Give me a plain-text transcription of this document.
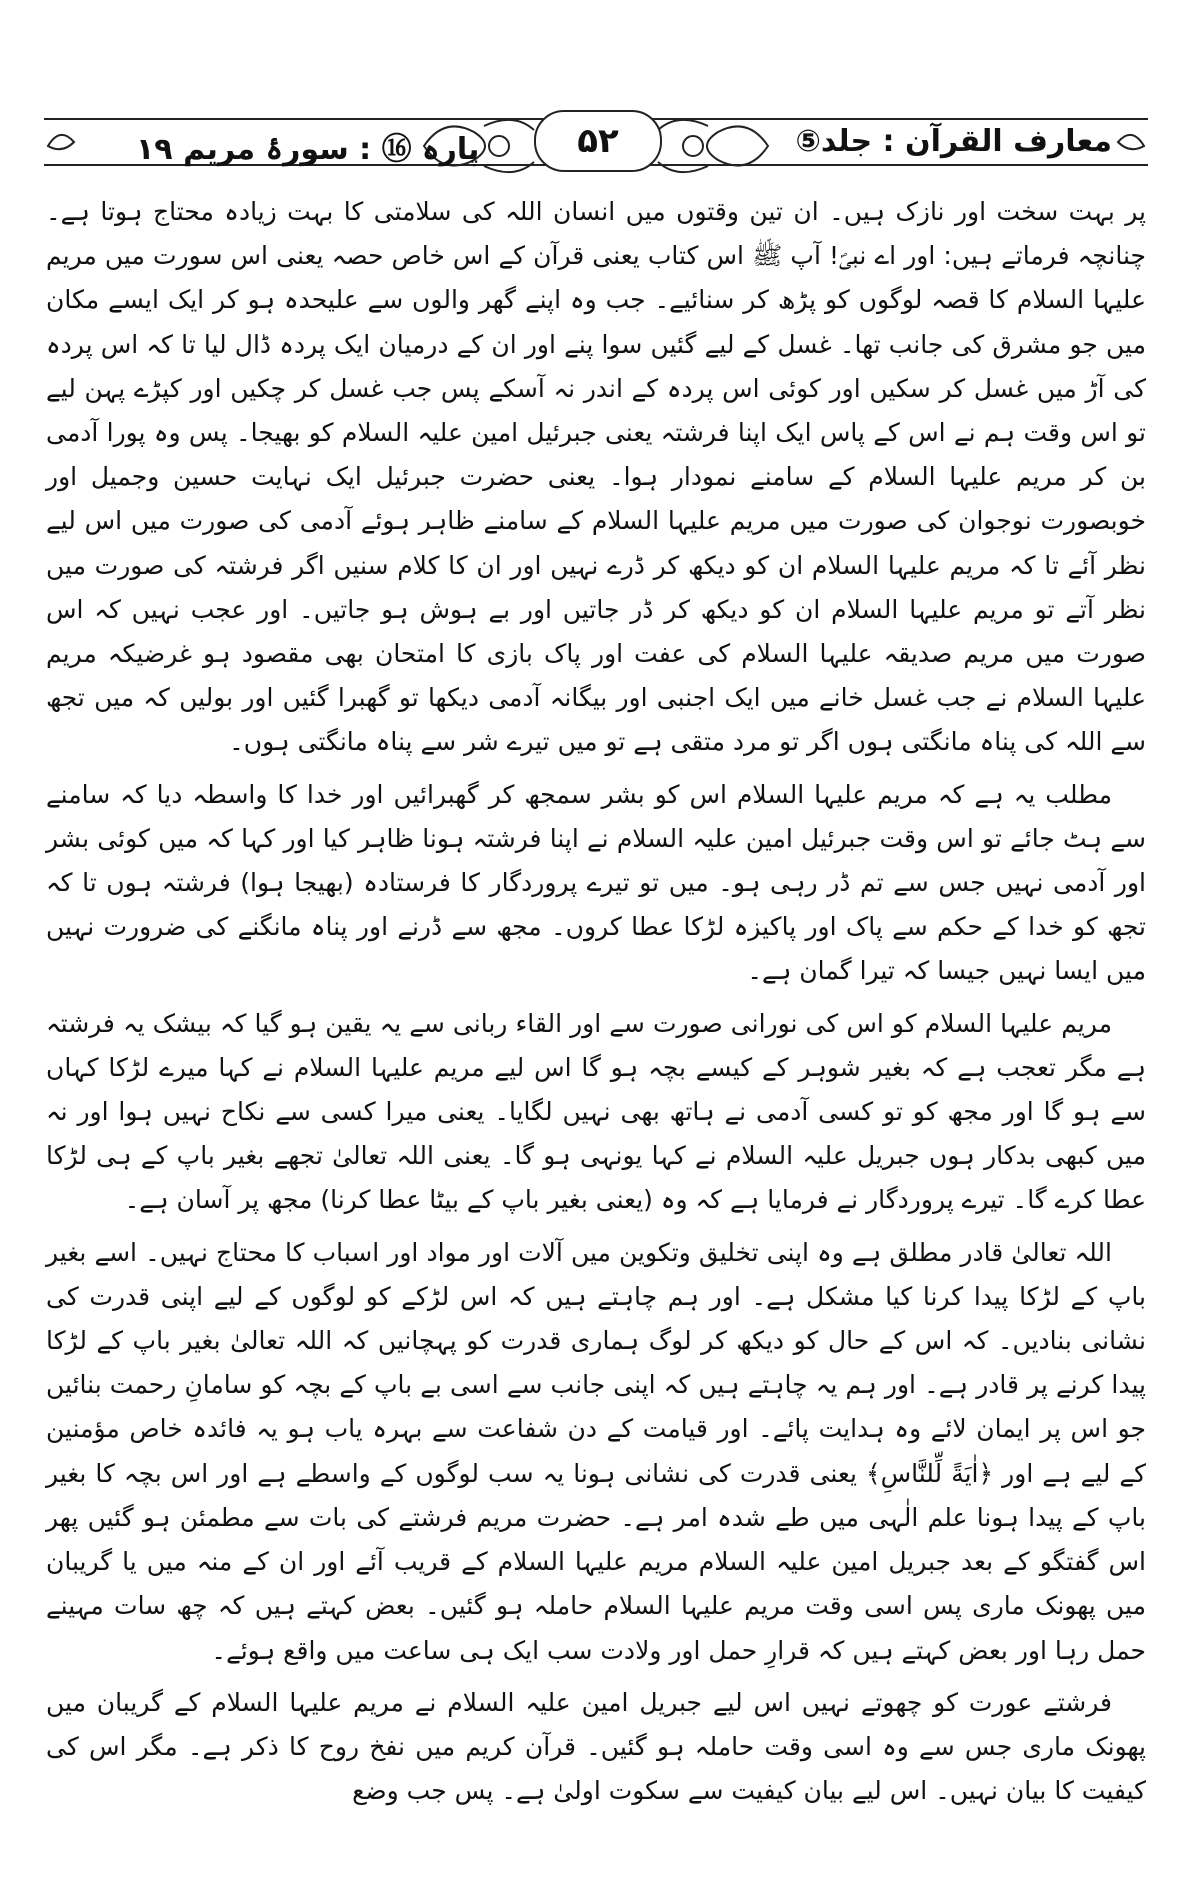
معارف القرآن : جلد⑤
پارہ ⑯ : سورۂ مریم ۱۹	۵۲

پر بہت سخت اور نازک ہیں۔ ان تین وقتوں میں انسان اللہ کی سلامتی کا بہت زیادہ محتاج ہوتا ہے۔ چنانچہ فرماتے ہیں: اور اے نبیؐ! آپ ﷺ اس کتاب یعنی قرآن کے اس خاص حصہ یعنی اس سورت میں مریم علیہا السلام کا قصہ لوگوں کو پڑھ کر سنائیے۔ جب وہ اپنے گھر والوں سے علیحدہ ہو کر ایک ایسے مکان میں جو مشرق کی جانب تھا۔ غسل کے لیے گئیں سوا پنے اور ان کے درمیان ایک پردہ ڈال لیا تا کہ اس پردہ کی آڑ میں غسل کر سکیں اور کوئی اس پردہ کے اندر نہ آسکے پس جب غسل کر چکیں اور کپڑے پہن لیے تو اس وقت ہم نے اس کے پاس ایک اپنا فرشتہ یعنی جبرئیل امین علیہ السلام کو بھیجا۔ پس وہ پورا آدمی بن کر مریم علیہا السلام کے سامنے نمودار ہوا۔ یعنی حضرت جبرئیل ایک نہایت حسین وجمیل اور خوبصورت نوجوان کی صورت میں مریم علیہا السلام کے سامنے ظاہر ہوئے آدمی کی صورت میں اس لیے نظر آئے تا کہ مریم علیہا السلام ان کو دیکھ کر ڈرے نہیں اور ان کا کلام سنیں اگر فرشتہ کی صورت میں نظر آتے تو مریم علیہا السلام ان کو دیکھ کر ڈر جاتیں اور بے ہوش ہو جاتیں۔ اور عجب نہیں کہ اس صورت میں مریم صدیقہ علیہا السلام کی عفت اور پاک بازی کا امتحان بھی مقصود ہو غرضیکہ مریم علیہا السلام نے جب غسل خانے میں ایک اجنبی اور بیگانہ آدمی دیکھا تو گھبرا گئیں اور بولیں کہ میں تجھ سے اللہ کی پناہ مانگتی ہوں اگر تو مرد متقی ہے تو میں تیرے شر سے پناہ مانگتی ہوں۔

مطلب یہ ہے کہ مریم علیہا السلام اس کو بشر سمجھ کر گھبرائیں اور خدا کا واسطہ دیا کہ سامنے سے ہٹ جائے تو اس وقت جبرئیل امین علیہ السلام نے اپنا فرشتہ ہونا ظاہر کیا اور کہا کہ میں کوئی بشر اور آدمی نہیں جس سے تم ڈر رہی ہو۔ میں تو تیرے پروردگار کا فرستادہ (بھیجا ہوا) فرشتہ ہوں تا کہ تجھ کو خدا کے حکم سے پاک اور پاکیزہ لڑکا عطا کروں۔ مجھ سے ڈرنے اور پناہ مانگنے کی ضرورت نہیں میں ایسا نہیں جیسا کہ تیرا گمان ہے۔

مریم علیہا السلام کو اس کی نورانی صورت سے اور القاء ربانی سے یہ یقین ہو گیا کہ بیشک یہ فرشتہ ہے مگر تعجب ہے کہ بغیر شوہر کے کیسے بچہ ہو گا اس لیے مریم علیہا السلام نے کہا میرے لڑکا کہاں سے ہو گا اور مجھ کو تو کسی آدمی نے ہاتھ بھی نہیں لگایا۔ یعنی میرا کسی سے نکاح نہیں ہوا اور نہ میں کبھی بدکار ہوں جبریل علیہ السلام نے کہا یونہی ہو گا۔ یعنی اللہ تعالیٰ تجھے بغیر باپ کے ہی لڑکا عطا کرے گا۔ تیرے پروردگار نے فرمایا ہے کہ وہ (یعنی بغیر باپ کے بیٹا عطا کرنا) مجھ پر آسان ہے۔

اللہ تعالیٰ قادر مطلق ہے وہ اپنی تخلیق وتکوین میں آلات اور مواد اور اسباب کا محتاج نہیں۔ اسے بغیر باپ کے لڑکا پیدا کرنا کیا مشکل ہے۔ اور ہم چاہتے ہیں کہ اس لڑکے کو لوگوں کے لیے اپنی قدرت کی نشانی بنادیں۔ کہ اس کے حال کو دیکھ کر لوگ ہماری قدرت کو پہچانیں کہ اللہ تعالیٰ بغیر باپ کے لڑکا پیدا کرنے پر قادر ہے۔ اور ہم یہ چاہتے ہیں کہ اپنی جانب سے اسی بے باپ کے بچہ کو سامانِ رحمت بنائیں جو اس پر ایمان لائے وہ ہدایت پائے۔ اور قیامت کے دن شفاعت سے بہرہ یاب ہو یہ فائدہ خاص مؤمنین کے لیے ہے اور ﴿اٰیَةً لِّلنَّاسِ﴾ یعنی قدرت کی نشانی ہونا یہ سب لوگوں کے واسطے ہے اور اس بچہ کا بغیر باپ کے پیدا ہونا علم الٰہی میں طے شدہ امر ہے۔ حضرت مریم فرشتے کی بات سے مطمئن ہو گئیں پھر اس گفتگو کے بعد جبریل امین علیہ السلام مریم علیہا السلام کے قریب آئے اور ان کے منہ میں یا گریبان میں پھونک ماری پس اسی وقت مریم علیہا السلام حاملہ ہو گئیں۔ بعض کہتے ہیں کہ چھ سات مہینے حمل رہا اور بعض کہتے ہیں کہ قرارِ حمل اور ولادت سب ایک ہی ساعت میں واقع ہوئے۔

فرشتے عورت کو چھوتے نہیں اس لیے جبریل امین علیہ السلام نے مریم علیہا السلام کے گریبان میں پھونک ماری جس سے وہ اسی وقت حاملہ ہو گئیں۔ قرآن کریم میں نفخ روح کا ذکر ہے۔ مگر اس کی کیفیت کا بیان نہیں۔ اس لیے بیان کیفیت سے سکوت اولیٰ ہے۔ پس جب وضع
